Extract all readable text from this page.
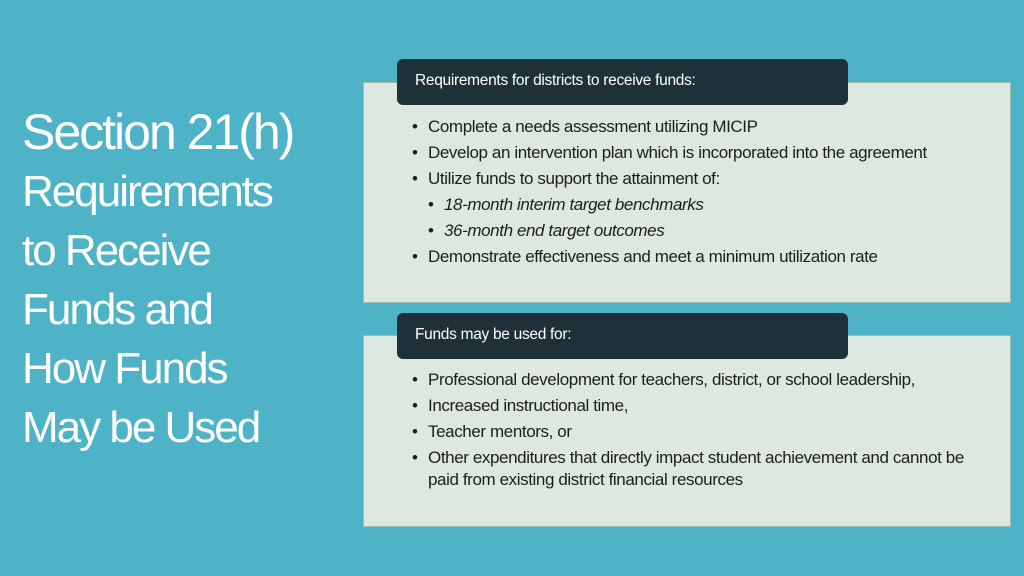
Section 21(h)
Requirements
to Receive
Funds and
How Funds
May be Used
Requirements for districts to receive funds:
• Complete a needs assessment utilizing MICIP
• Develop an intervention plan which is incorporated into the agreement
• Utilize funds to support the attainment of:
• 18-month interim target benchmarks
• 36-month end target outcomes
• Demonstrate effectiveness and meet a minimum utilization rate
Funds may be used for:
• Professional development for teachers, district, or school leadership,
• Increased instructional time,
• Teacher mentors, or
• Other expenditures that directly impact student achievement and cannot be paid from existing district financial resources
